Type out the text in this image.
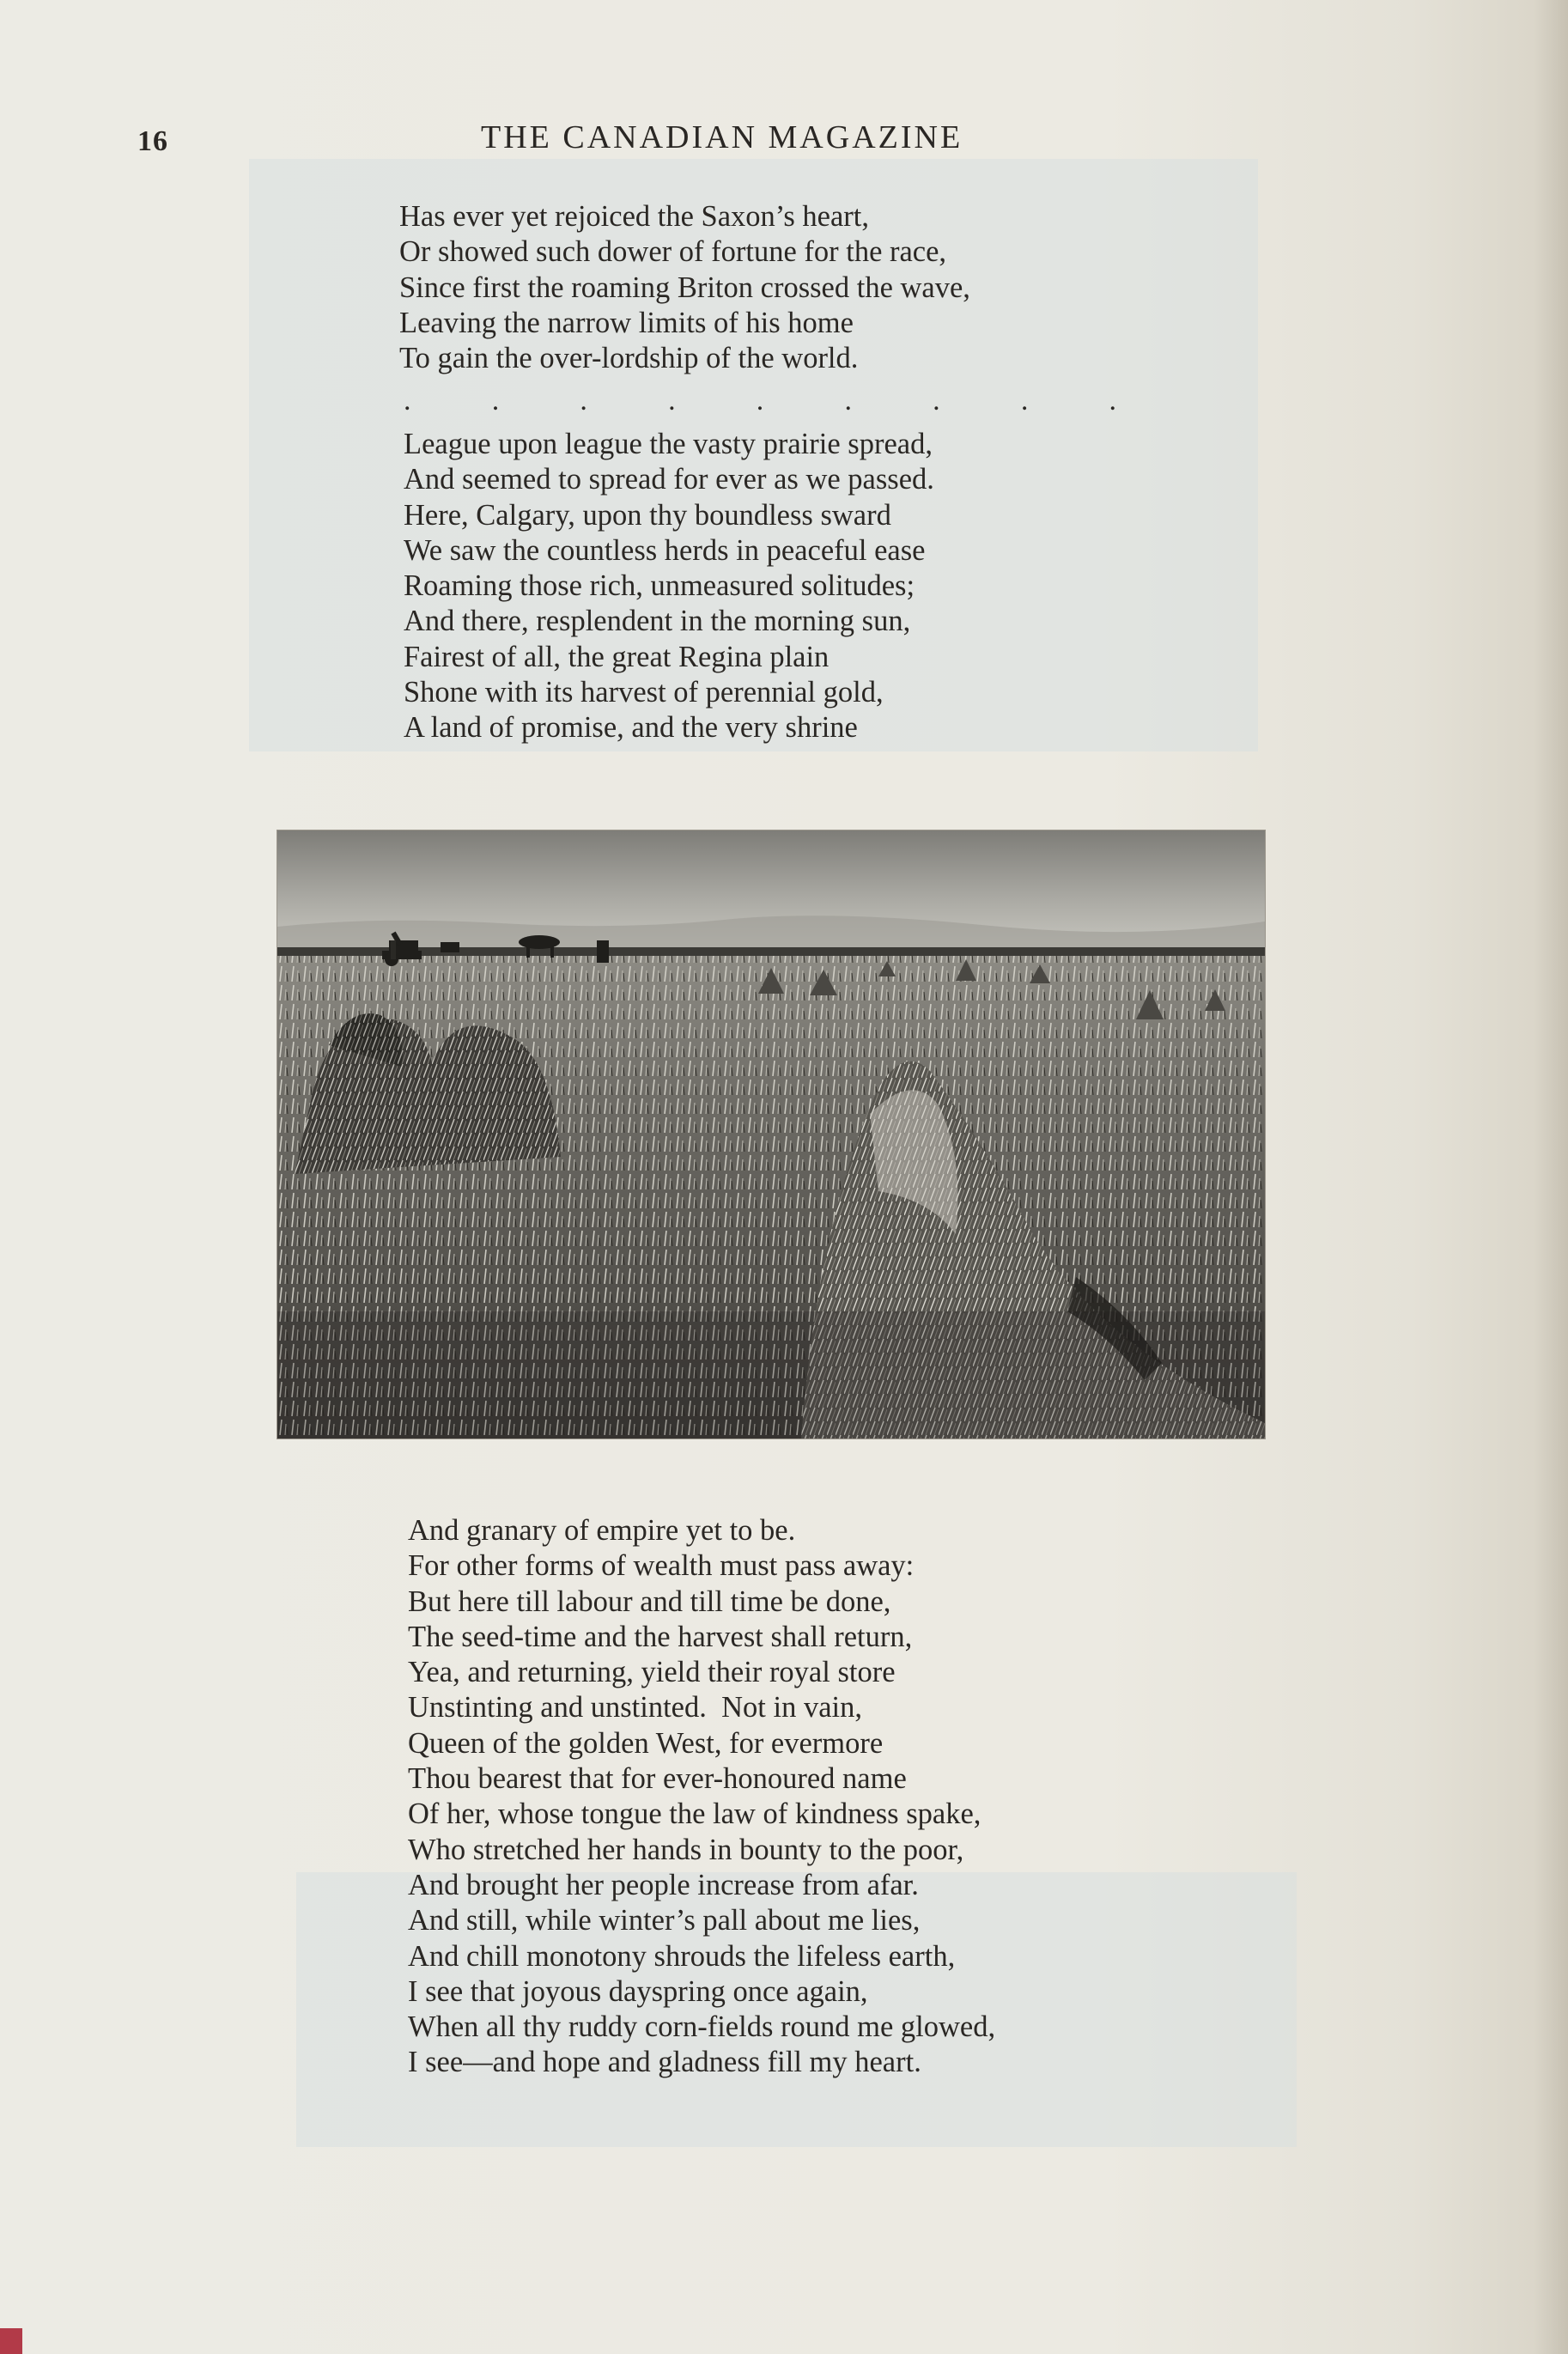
16	THE CANADIAN MAGAZINE
Has ever yet rejoiced the Saxon’s heart,
Or showed such dower of fortune for the race,
Since first the roaming Briton crossed the wave,
Leaving the narrow limits of his home
To gain the over-lordship of the world.
.	.	.	.	.	.	.	.	.
League upon league the vasty prairie spread,
And seemed to spread for ever as we passed.
Here, Calgary, upon thy boundless sward
We saw the countless herds in peaceful ease
Roaming those rich, unmeasured solitudes;
And there, resplendent in the morning sun,
Fairest of all, the great Regina plain
Shone with its harvest of perennial gold,
A land of promise, and the very shrine
And granary of empire yet to be.
For other forms of wealth must pass away:
But here till labour and till time be done,
The seed-time and the harvest shall return,
Yea, and returning, yield their royal store
Unstinting and unstinted.  Not in vain,
Queen of the golden West, for evermore
Thou bearest that for ever-honoured name
Of her, whose tongue the law of kindness spake,
Who stretched her hands in bounty to the poor,
And brought her people increase from afar.
And still, while winter’s pall about me lies,
And chill monotony shrouds the lifeless earth,
I see that joyous dayspring once again,
When all thy ruddy corn-fields round me glowed,
I see—and hope and gladness fill my heart.
